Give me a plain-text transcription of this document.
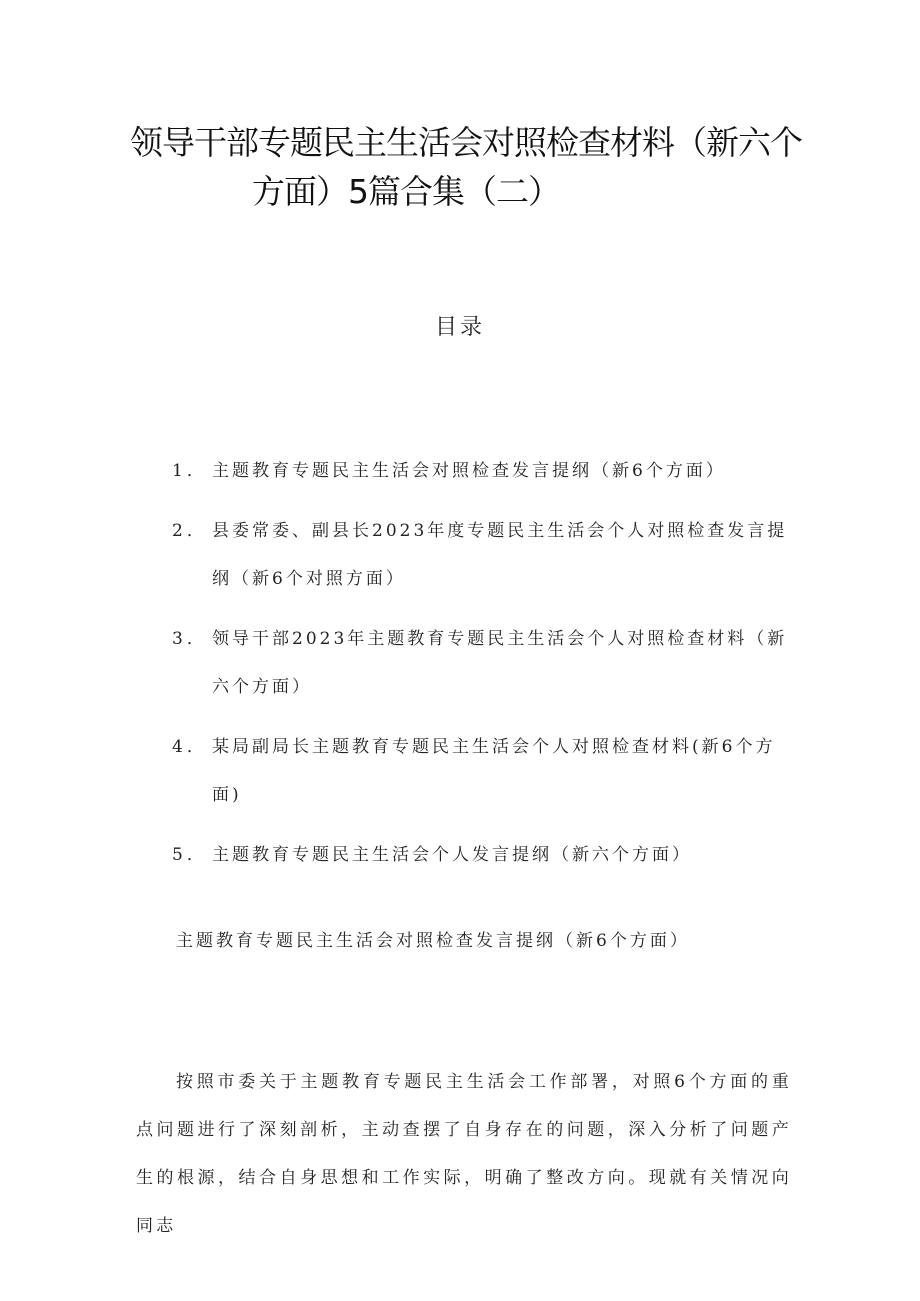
领导干部专题民主生活会对照检查材料（新六个
方面）5篇合集（二）
目录
1． 主题教育专题民主生活会对照检查发言提纲（新6个方面）
2． 县委常委、副县长2023年度专题民主生活会个人对照检查发言提纲（新6个对照方面）
3． 领导干部2023年主题教育专题民主生活会个人对照检查材料（新六个方面）
4． 某局副局长主题教育专题民主生活会个人对照检查材料(新6个方面)
5． 主题教育专题民主生活会个人发言提纲（新六个方面）
主题教育专题民主生活会对照检查发言提纲（新6个方面）

按照市委关于主题教育专题民主生活会工作部署，对照6个方面的重点问题进行了深刻剖析，主动查摆了自身存在的问题，深入分析了问题产生的根源，结合自身思想和工作实际，明确了整改方向。现就有关情况向同志
